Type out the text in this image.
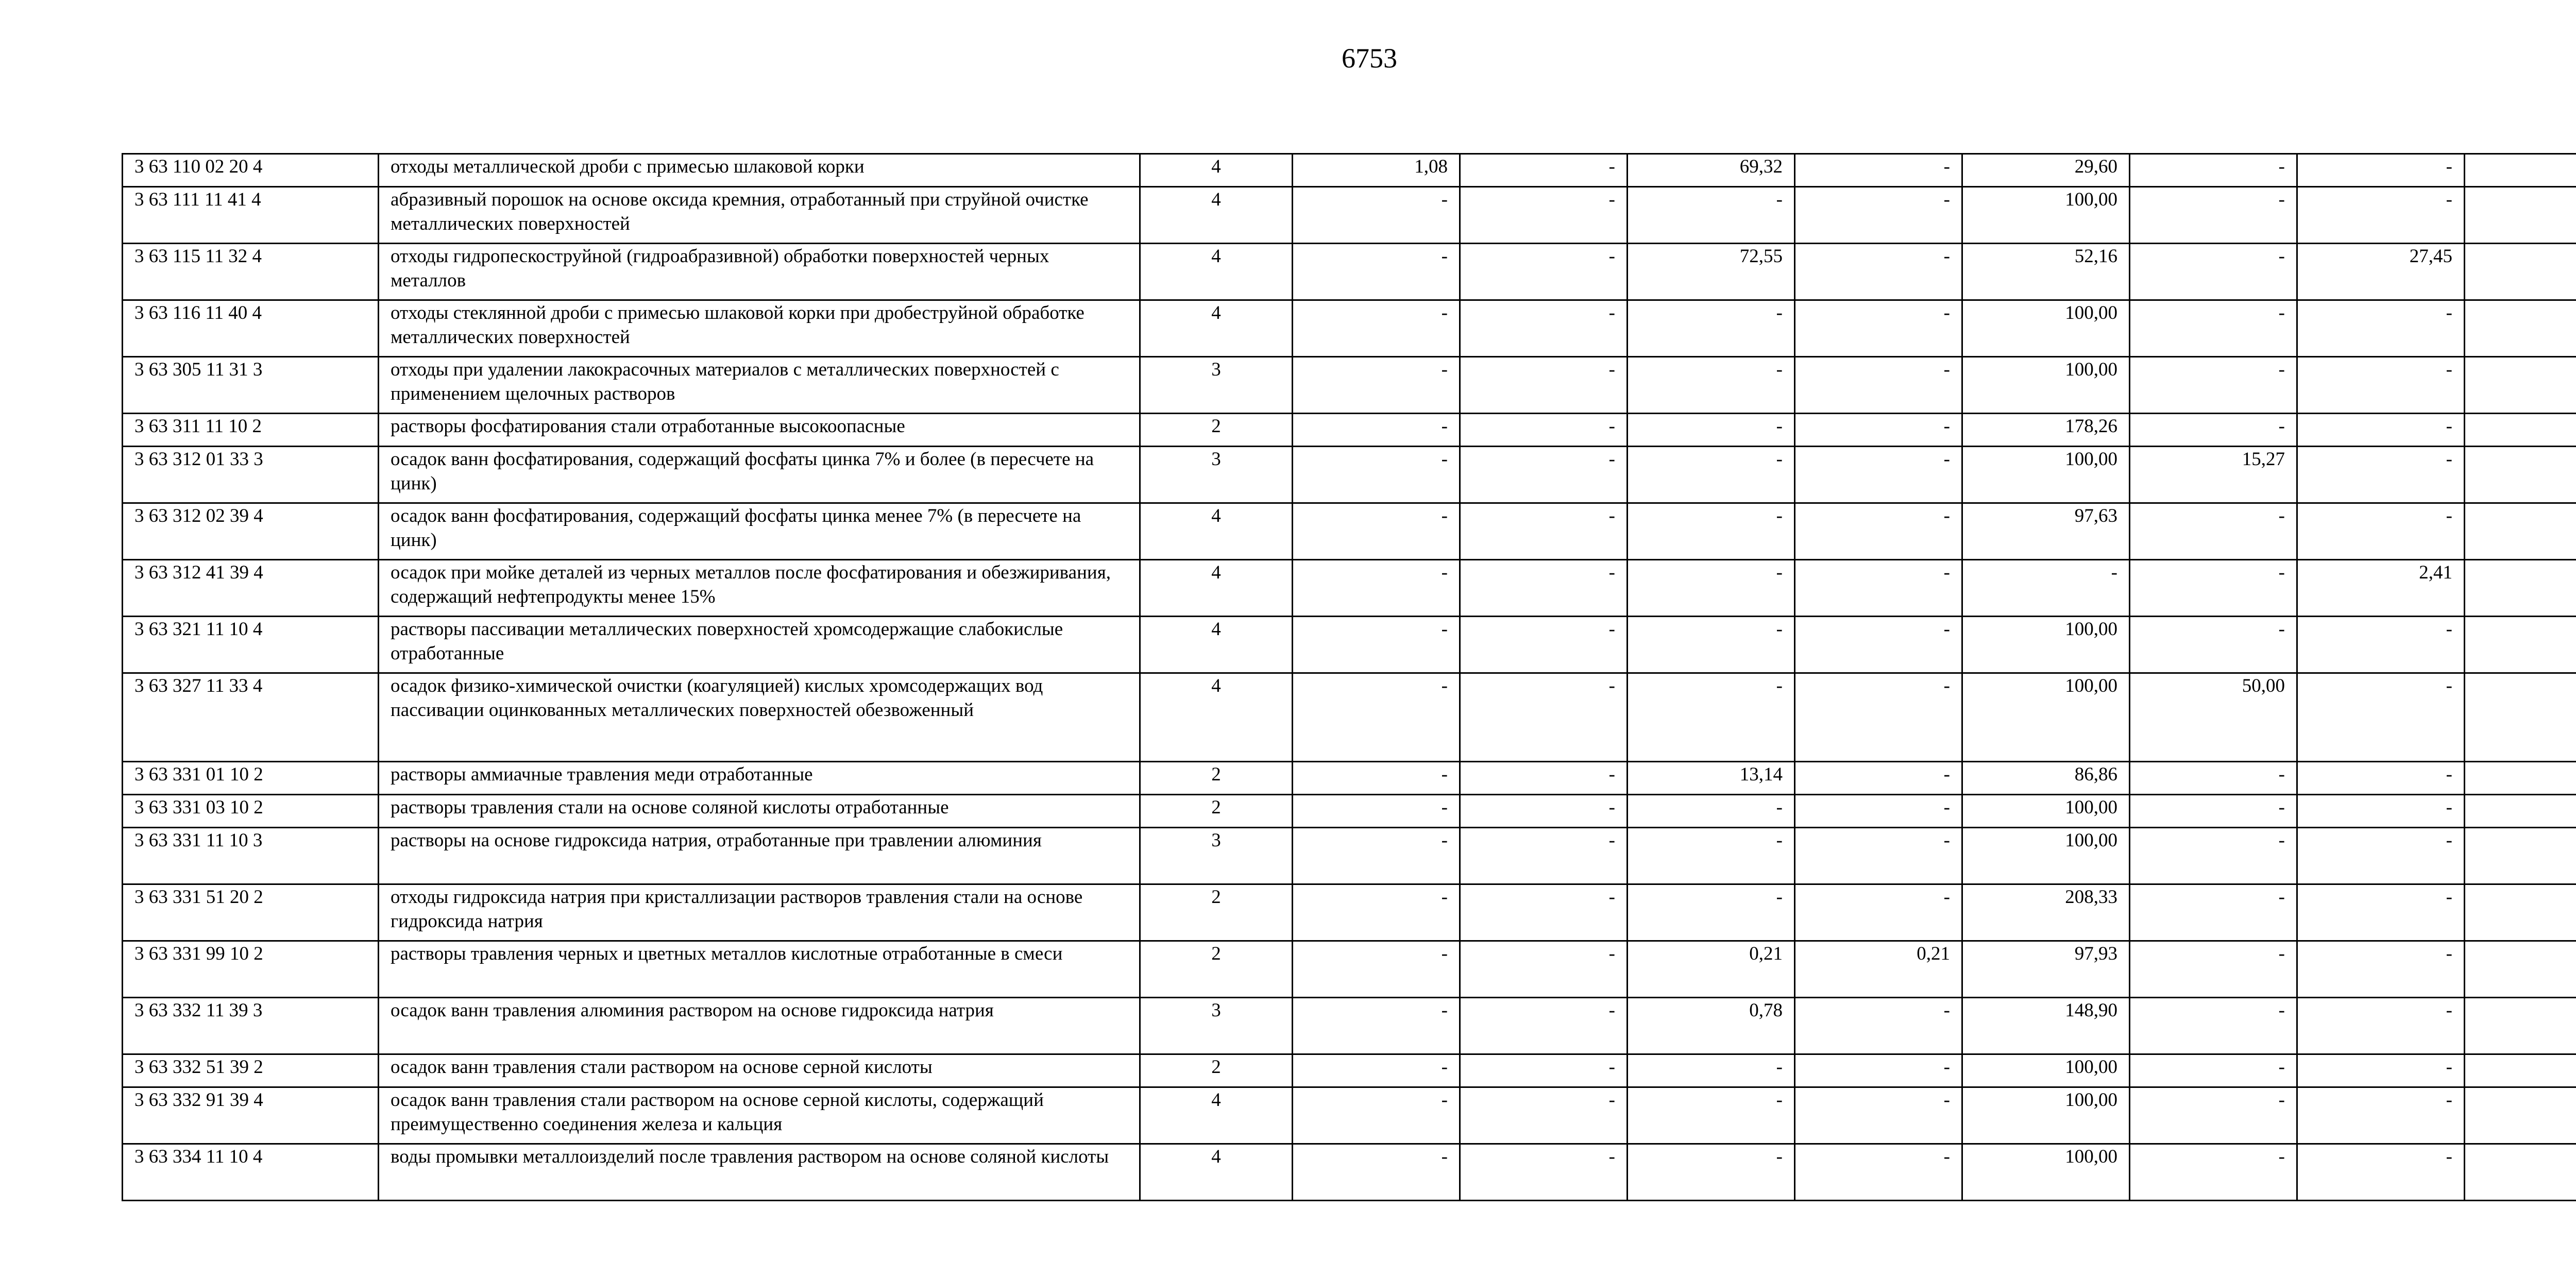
6753
3 63 110 02 20 4	отходы металлической дроби с примесью шлаковой корки	4	1,08	-	69,32	-	29,60	-	-	
3 63 111 11 41 4	абразивный порошок на основе оксида кремния, отработанный при струйной очистке металлических поверхностей	4	-	-	-	-	100,00	-	-	
3 63 115 11 32 4	отходы гидропескоструйной (гидроабразивной) обработки поверхностей черных металлов	4	-	-	72,55	-	52,16	-	27,45	
3 63 116 11 40 4	отходы стеклянной дроби с примесью шлаковой корки при дробеструйной обработке металлических поверхностей	4	-	-	-	-	100,00	-	-	
3 63 305 11 31 3	отходы при удалении лакокрасочных материалов с металлических поверхностей с применением щелочных растворов	3	-	-	-	-	100,00	-	-	
3 63 311 11 10 2	растворы фосфатирования стали отработанные высокоопасные	2	-	-	-	-	178,26	-	-	
3 63 312 01 33 3	осадок ванн фосфатирования, содержащий фосфаты цинка 7% и более (в пересчете на цинк)	3	-	-	-	-	100,00	15,27	-	
3 63 312 02 39 4	осадок ванн фосфатирования, содержащий фосфаты цинка менее 7% (в пересчете на цинк)	4	-	-	-	-	97,63	-	-	
3 63 312 41 39 4	осадок при мойке деталей из черных металлов после фосфатирования и обезжиривания, содержащий нефтепродукты менее 15%	4	-	-	-	-	-	-	2,41	
3 63 321 11 10 4	растворы пассивации металлических поверхностей хромсодержащие слабокислые отработанные	4	-	-	-	-	100,00	-	-	
3 63 327 11 33 4	осадок физико-химической очистки (коагуляцией) кислых хромсодержащих вод пассивации оцинкованных металлических поверхностей обезвоженный	4	-	-	-	-	100,00	50,00	-	
3 63 331 01 10 2	растворы аммиачные травления меди отработанные	2	-	-	13,14	-	86,86	-	-	
3 63 331 03 10 2	растворы травления стали на основе соляной кислоты отработанные	2	-	-	-	-	100,00	-	-	
3 63 331 11 10 3	растворы на основе гидроксида натрия, отработанные при травлении алюминия	3	-	-	-	-	100,00	-	-	
3 63 331 51 20 2	отходы гидроксида натрия при кристаллизации растворов травления стали на основе гидроксида натрия	2	-	-	-	-	208,33	-	-	
3 63 331 99 10 2	растворы травления черных и цветных металлов кислотные отработанные в смеси	2	-	-	0,21	0,21	97,93	-	-	
3 63 332 11 39 3	осадок ванн травления алюминия раствором на основе гидроксида натрия	3	-	-	0,78	-	148,90	-	-	
3 63 332 51 39 2	осадок ванн травления стали раствором на основе серной кислоты	2	-	-	-	-	100,00	-	-	
3 63 332 91 39 4	осадок ванн травления стали раствором на основе серной кислоты, содержащий преимущественно соединения железа и кальция	4	-	-	-	-	100,00	-	-	
3 63 334 11 10 4	воды промывки металлоизделий после травления раствором на основе соляной кислоты	4	-	-	-	-	100,00	-	-	
